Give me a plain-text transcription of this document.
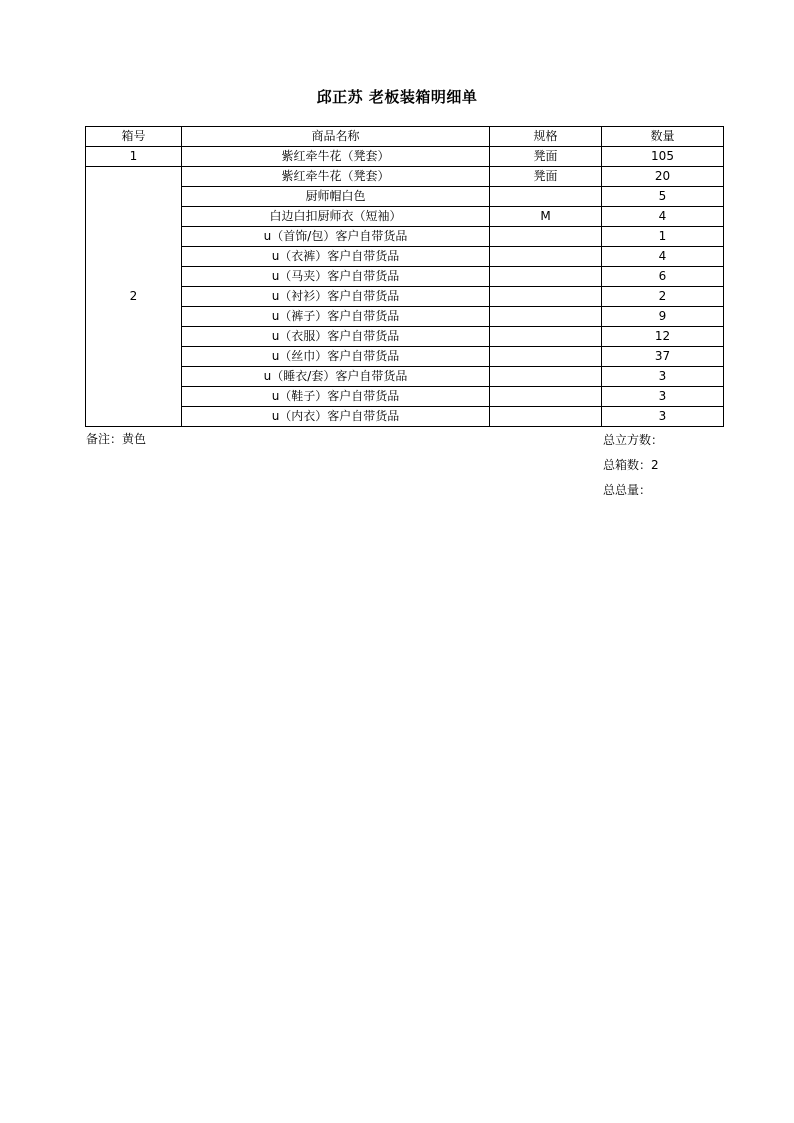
邱正苏 老板装箱明细单
箱号	商品名称	规格	数量
1	紫红牵牛花（凳套）	凳面	105
2	紫红牵牛花（凳套）	凳面	20
	厨师帽白色		5
	白边白扣厨师衣（短袖）	M	4
	u（首饰/包）客户自带货品		1
	u（衣裤）客户自带货品		4
	u（马夹）客户自带货品		6
	u（衬衫）客户自带货品		2
	u（裤子）客户自带货品		9
	u（衣服）客户自带货品		12
	u（丝巾）客户自带货品		37
	u（睡衣/套）客户自带货品		3
	u（鞋子）客户自带货品		3
	u（内衣）客户自带货品		3
备注：黄色	总立方数：
总箱数：2
总总量：
